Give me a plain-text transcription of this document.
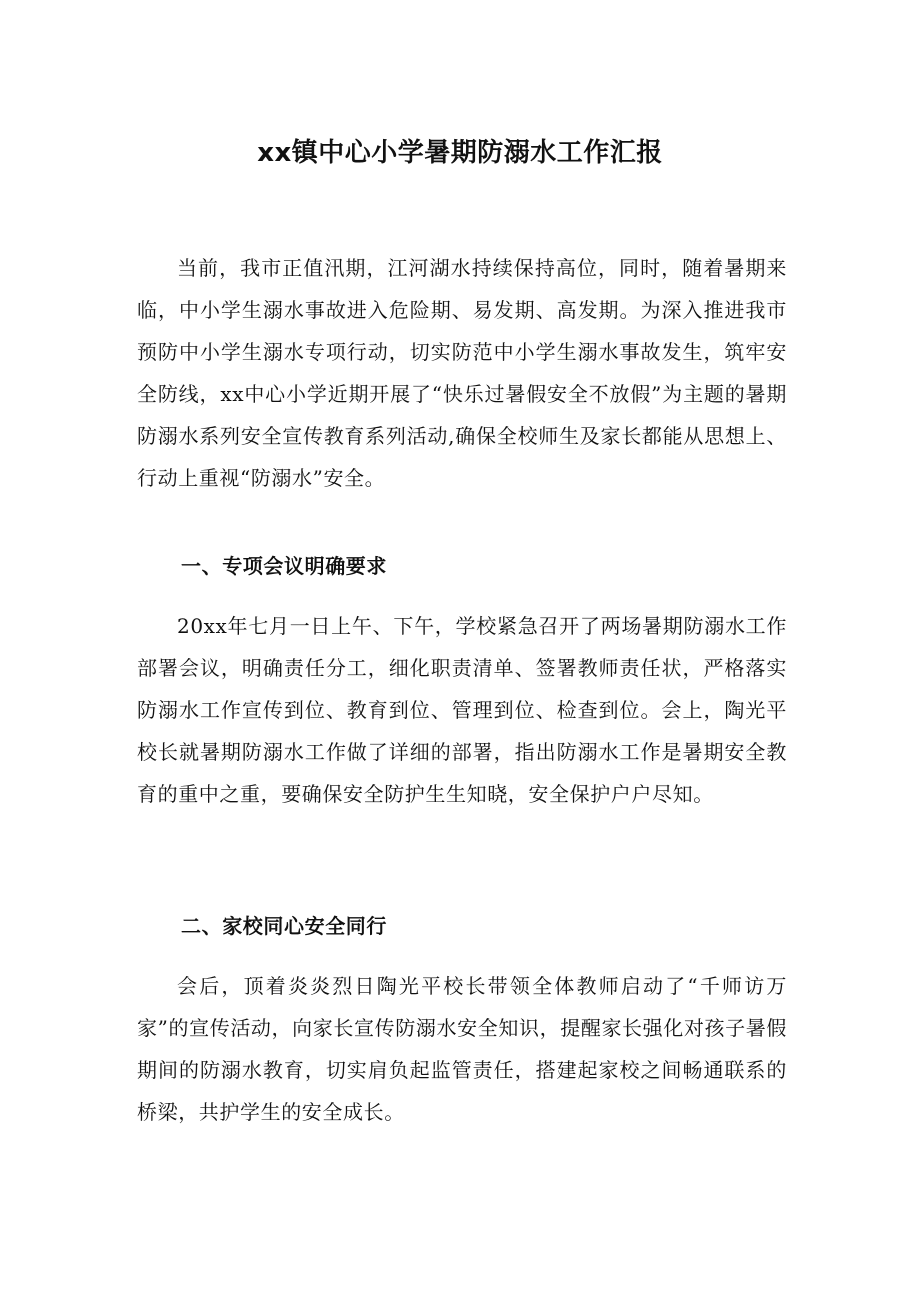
xx镇中心小学暑期防溺水工作汇报

当前，我市正值汛期，江河湖水持续保持高位，同时，随着暑期来临，中小学生溺水事故进入危险期、易发期、高发期。为深入推进我市预防中小学生溺水专项行动，切实防范中小学生溺水事故发生，筑牢安全防线，xx中心小学近期开展了“快乐过暑假安全不放假”为主题的暑期防溺水系列安全宣传教育系列活动,确保全校师生及家长都能从思想上、行动上重视“防溺水”安全。

一、专项会议明确要求

20xx年七月一日上午、下午，学校紧急召开了两场暑期防溺水工作部署会议，明确责任分工，细化职责清单、签署教师责任状，严格落实防溺水工作宣传到位、教育到位、管理到位、检查到位。会上，陶光平校长就暑期防溺水工作做了详细的部署，指出防溺水工作是暑期安全教育的重中之重，要确保安全防护生生知晓，安全保护户户尽知。

二、家校同心安全同行

会后，顶着炎炎烈日陶光平校长带领全体教师启动了“千师访万家”的宣传活动，向家长宣传防溺水安全知识，提醒家长强化对孩子暑假期间的防溺水教育，切实肩负起监管责任，搭建起家校之间畅通联系的桥梁，共护学生的安全成长。
